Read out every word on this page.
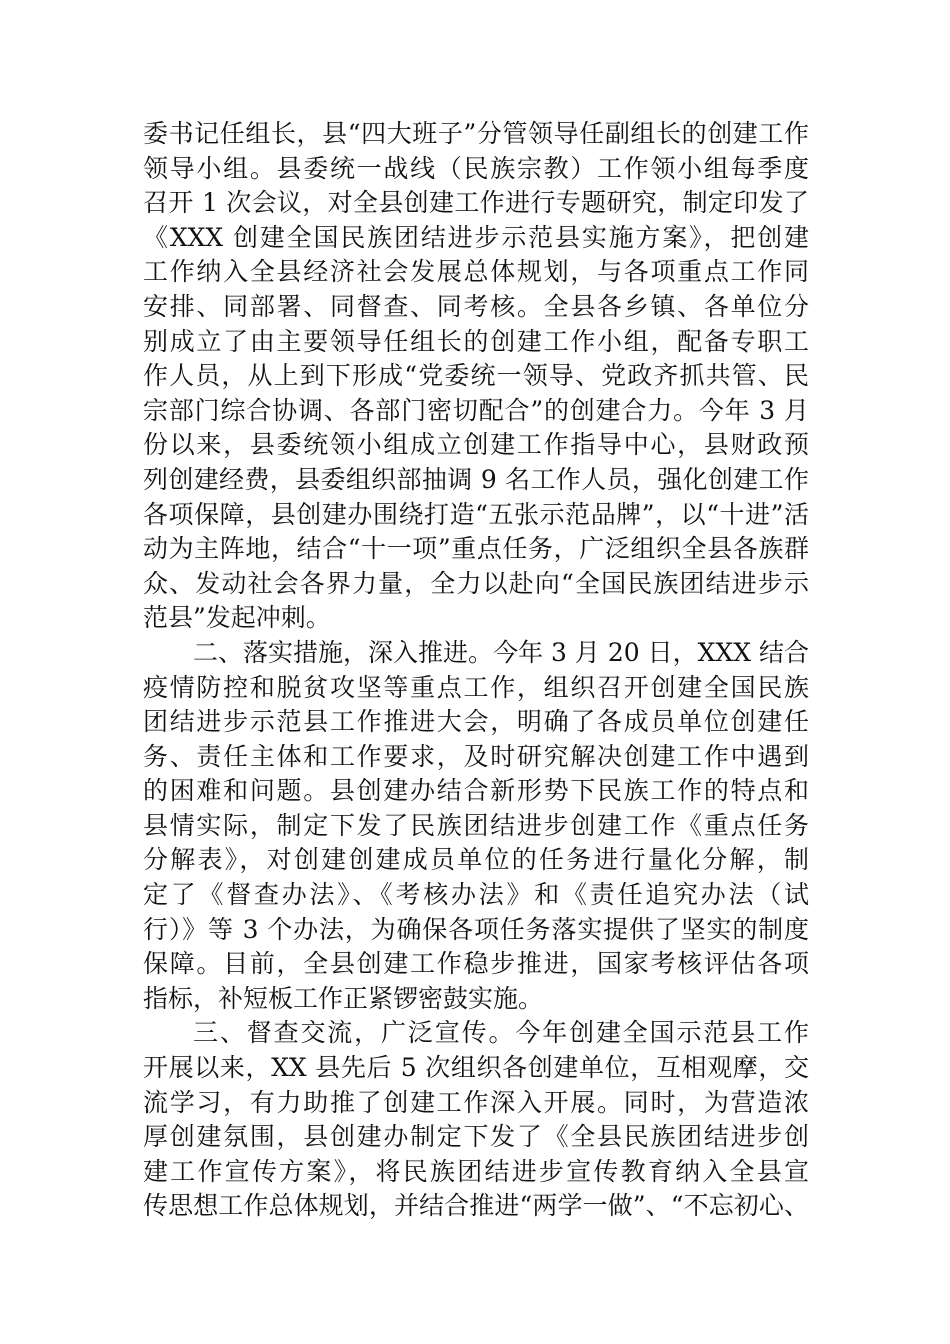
委书记任组长，县“四大班子”分管领导任副组长的创建工作
领导小组。县委统一战线（民族宗教）工作领小组每季度
召开 1 次会议，对全县创建工作进行专题研究，制定印发了
《XXX 创建全国民族团结进步示范县实施方案》，把创建
工作纳入全县经济社会发展总体规划，与各项重点工作同
安排、同部署、同督查、同考核。全县各乡镇、各单位分
别成立了由主要领导任组长的创建工作小组，配备专职工
作人员，从上到下形成“党委统一领导、党政齐抓共管、民
宗部门综合协调、各部门密切配合”的创建合力。今年 3 月
份以来，县委统领小组成立创建工作指导中心，县财政预
列创建经费，县委组织部抽调 9 名工作人员，强化创建工作
各项保障，县创建办围绕打造“五张示范品牌”，以“十进”活
动为主阵地，结合“十一项”重点任务，广泛组织全县各族群
众、发动社会各界力量，全力以赴向“全国民族团结进步示
范县”发起冲刺。
二、落实措施，深入推进。今年 3 月 20 日，XXX 结合
疫情防控和脱贫攻坚等重点工作，组织召开创建全国民族
团结进步示范县工作推进大会，明确了各成员单位创建任
务、责任主体和工作要求，及时研究解决创建工作中遇到
的困难和问题。县创建办结合新形势下民族工作的特点和
县情实际，制定下发了民族团结进步创建工作《重点任务
分解表》，对创建创建成员单位的任务进行量化分解，制
定了《督查办法》、《考核办法》和《责任追究办法（试
行）》等 3 个办法，为确保各项任务落实提供了坚实的制度
保障。目前，全县创建工作稳步推进，国家考核评估各项
指标，补短板工作正紧锣密鼓实施。
三、督查交流，广泛宣传。今年创建全国示范县工作
开展以来，XX 县先后 5 次组织各创建单位，互相观摩，交
流学习，有力助推了创建工作深入开展。同时，为营造浓
厚创建氛围，县创建办制定下发了《全县民族团结进步创
建工作宣传方案》，将民族团结进步宣传教育纳入全县宣
传思想工作总体规划，并结合推进“两学一做”、“不忘初心、
